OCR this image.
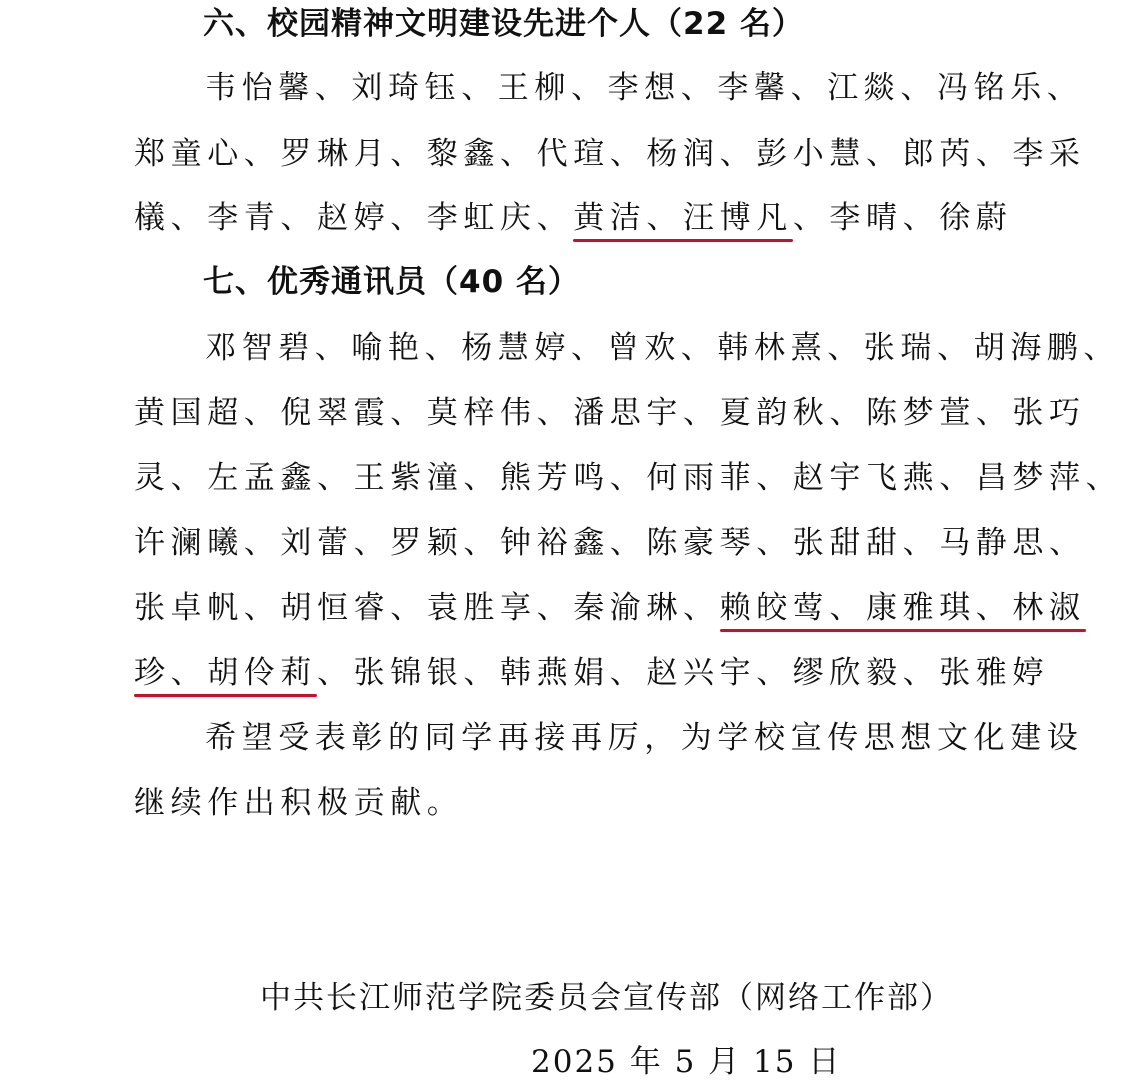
六、校园精神文明建设先进个人（22 名）
韦怡馨、刘琦钰、王柳、李想、李馨、江燚、冯铭乐、
郑童心、罗琳月、黎鑫、代瑄、杨润、彭小慧、郎芮、李采
檥、李青、赵婷、李虹庆、黄洁、汪博凡、李晴、徐蔚
七、优秀通讯员（40 名）
邓智碧、喻艳、杨慧婷、曾欢、韩林熹、张瑞、胡海鹏、
黄国超、倪翠霞、莫梓伟、潘思宇、夏韵秋、陈梦萱、张巧
灵、左孟鑫、王紫潼、熊芳鸣、何雨菲、赵宇飞燕、昌梦萍、
许澜曦、刘蕾、罗颖、钟裕鑫、陈豪琴、张甜甜、马静思、
张卓帆、胡恒睿、袁胜享、秦渝琳、赖皎莺、康雅琪、林淑
珍、胡伶莉、张锦银、韩燕娟、赵兴宇、缪欣毅、张雅婷
希望受表彰的同学再接再厉，为学校宣传思想文化建设
继续作出积极贡献。
中共长江师范学院委员会宣传部（网络工作部）
2025 年 5 月 15 日
